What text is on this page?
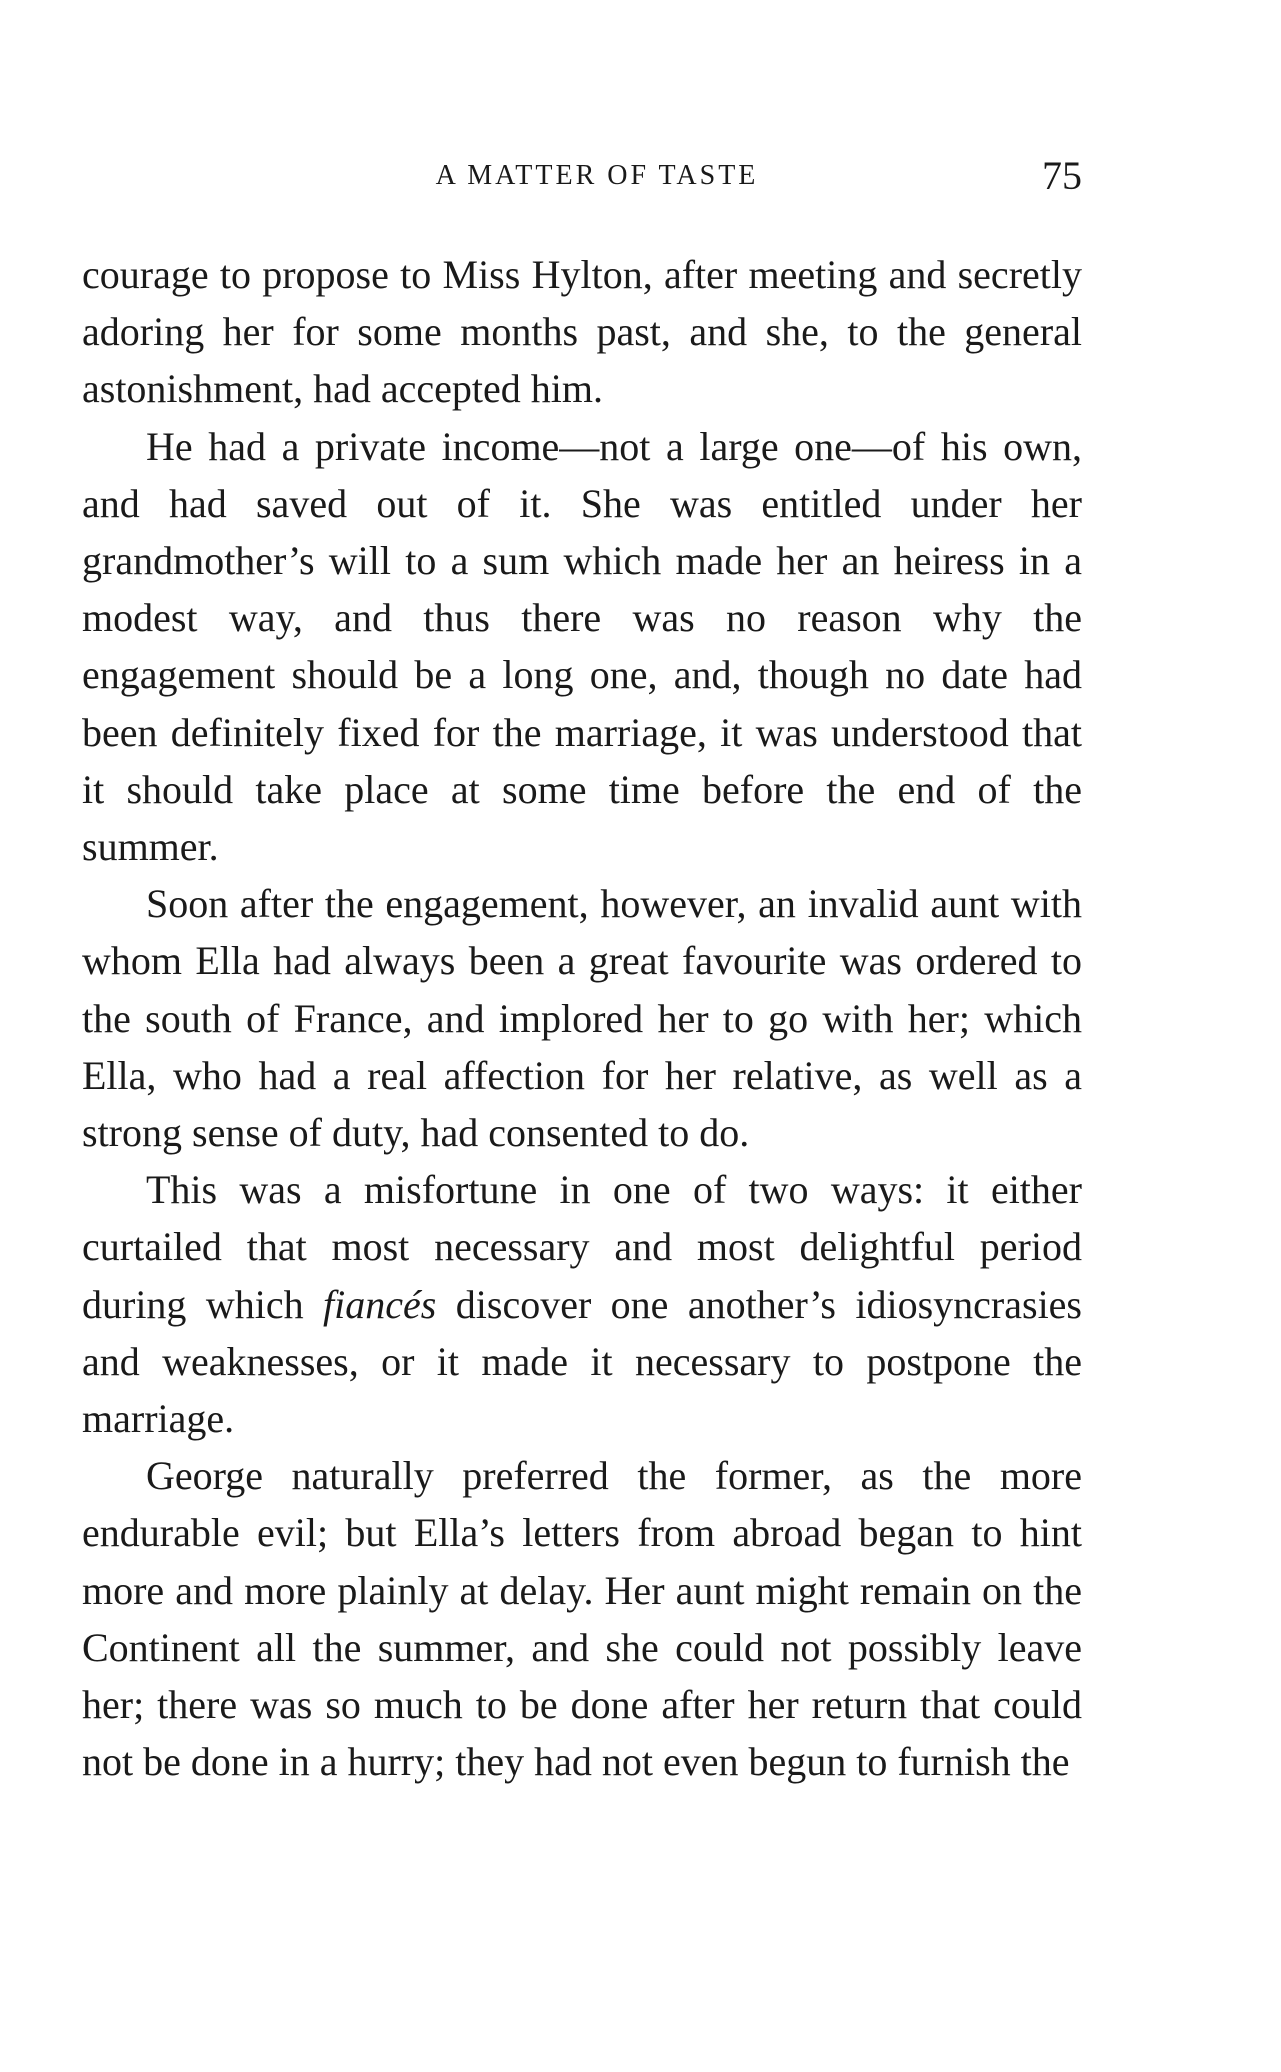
A MATTER OF TASTE	75

courage to propose to Miss Hylton, after meeting and secretly adoring her for some months past, and she, to the general astonishment, had accepted him.

He had a private income—not a large one—of his own, and had saved out of it. She was entitled under her grandmother’s will to a sum which made her an heiress in a modest way, and thus there was no reason why the engagement should be a long one, and, though no date had been definitely fixed for the marriage, it was understood that it should take place at some time before the end of the summer.

Soon after the engagement, however, an invalid aunt with whom Ella had always been a great favourite was ordered to the south of France, and implored her to go with her; which Ella, who had a real affection for her relative, as well as a strong sense of duty, had consented to do.

This was a misfortune in one of two ways: it either curtailed that most necessary and most delightful period during which fiancés discover one another’s idiosyncrasies and weaknesses, or it made it necessary to postpone the marriage.

George naturally preferred the former, as the more endurable evil; but Ella’s letters from abroad began to hint more and more plainly at delay. Her aunt might remain on the Continent all the summer, and she could not possibly leave her; there was so much to be done after her return that could not be done in a hurry; they had not even begun to furnish the
